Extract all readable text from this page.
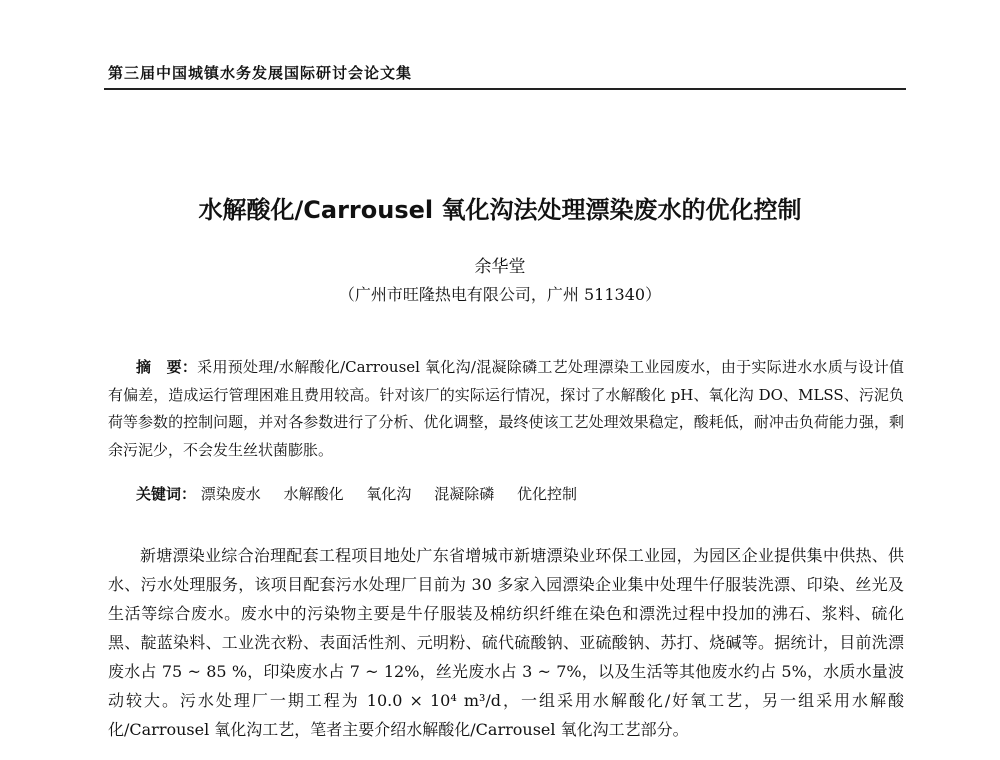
第三届中国城镇水务发展国际研讨会论文集
水解酸化/Carrousel 氧化沟法处理漂染废水的优化控制
余华堂
（广州市旺隆热电有限公司，广州 511340）
摘　要：采用预处理/水解酸化/Carrousel 氧化沟/混凝除磷工艺处理漂染工业园废水，由于实际进水水质与设计值有偏差，造成运行管理困难且费用较高。针对该厂的实际运行情况，探讨了水解酸化 pH、氧化沟 DO、MLSS、污泥负荷等参数的控制问题，并对各参数进行了分析、优化调整，最终使该工艺处理效果稳定，酸耗低，耐冲击负荷能力强，剩余污泥少，不会发生丝状菌膨胀。
关键词： 漂染废水 水解酸化 氧化沟 混凝除磷 优化控制
新塘漂染业综合治理配套工程项目地处广东省增城市新塘漂染业环保工业园，为园区企业提供集中供热、供水、污水处理服务，该项目配套污水处理厂目前为 30 多家入园漂染企业集中处理牛仔服装洗漂、印染、丝光及生活等综合废水。废水中的污染物主要是牛仔服装及棉纺织纤维在染色和漂洗过程中投加的沸石、浆料、硫化黑、靛蓝染料、工业洗衣粉、表面活性剂、元明粉、硫代硫酸钠、亚硫酸钠、苏打、烧碱等。据统计，目前洗漂废水占 75 ~ 85 %，印染废水占 7 ~ 12%，丝光废水占 3 ~ 7%，以及生活等其他废水约占 5%，水质水量波动较大。污水处理厂一期工程为 10.0 × 10⁴ m³/d，一组采用水解酸化/好氧工艺，另一组采用水解酸化/Carrousel 氧化沟工艺，笔者主要介绍水解酸化/Carrousel 氧化沟工艺部分。
